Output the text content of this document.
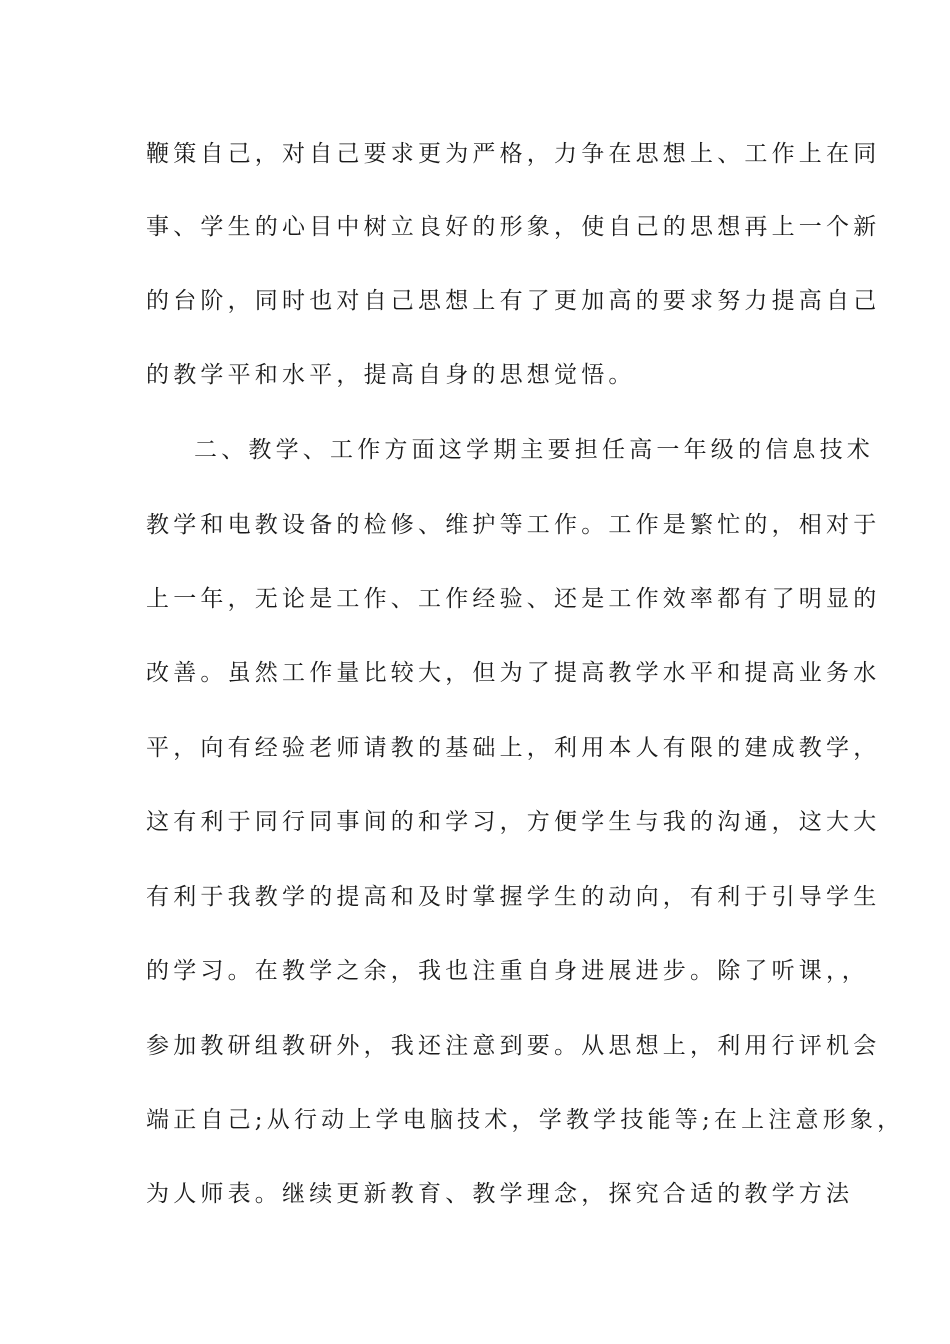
鞭策自己，对自己要求更为严格，力争在思想上、工作上在同
事、学生的心目中树立良好的形象，使自己的思想再上一个新
的台阶，同时也对自己思想上有了更加高的要求努力提高自己
的教学平和水平，提高自身的思想觉悟。
二、教学、工作方面这学期主要担任高一年级的信息技术
教学和电教设备的检修、维护等工作。工作是繁忙的，相对于
上一年，无论是工作、工作经验、还是工作效率都有了明显的
改善。虽然工作量比较大，但为了提高教学水平和提高业务水
平，向有经验老师请教的基础上，利用本人有限的建成教学，
这有利于同行同事间的和学习，方便学生与我的沟通，这大大
有利于我教学的提高和及时掌握学生的动向，有利于引导学生
的学习。在教学之余，我也注重自身进展进步。除了听课，，
参加教研组教研外，我还注意到要。从思想上，利用行评机会
端正自己;从行动上学电脑技术，学教学技能等;在上注意形象，
为人师表。继续更新教育、教学理念，探究合适的教学方法
